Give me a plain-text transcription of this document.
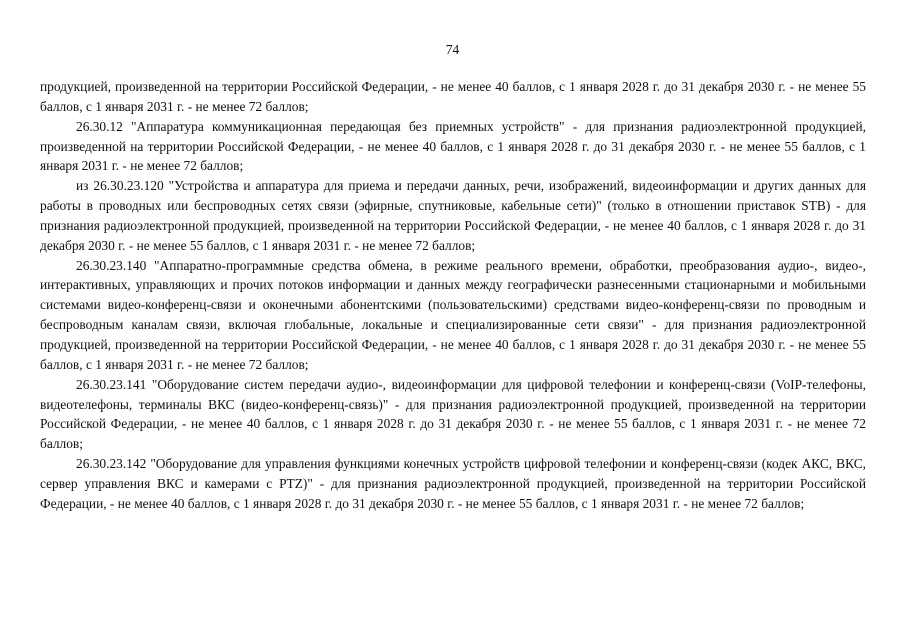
74

продукцией, произведенной на территории Российской Федерации, - не менее 40 баллов, с 1 января 2028 г. до 31 декабря 2030 г. - не менее 55 баллов, с 1 января 2031 г. - не менее 72 баллов;

26.30.12 "Аппаратура коммуникационная передающая без приемных устройств" - для признания радиоэлектронной продукцией, произведенной на территории Российской Федерации, - не менее 40 баллов, с 1 января 2028 г. до 31 декабря 2030 г. - не менее 55 баллов, с 1 января 2031 г. - не менее 72 баллов;

из 26.30.23.120 "Устройства и аппаратура для приема и передачи данных, речи, изображений, видеоинформации и других данных для работы в проводных или беспроводных сетях связи (эфирные, спутниковые, кабельные сети)" (только в отношении приставок STB) - для признания радиоэлектронной продукцией, произведенной на территории Российской Федерации, - не менее 40 баллов, с 1 января 2028 г. до 31 декабря 2030 г. - не менее 55 баллов, с 1 января 2031 г. - не менее 72 баллов;

26.30.23.140 "Аппаратно-программные средства обмена, в режиме реального времени, обработки, преобразования аудио-, видео-, интерактивных, управляющих и прочих потоков информации и данных между географически разнесенными стационарными и мобильными системами видео-конференц-связи и оконечными абонентскими (пользовательскими) средствами видео-конференц-связи по проводным и беспроводным каналам связи, включая глобальные, локальные и специализированные сети связи" - для признания радиоэлектронной продукцией, произведенной на территории Российской Федерации, - не менее 40 баллов, с 1 января 2028 г. до 31 декабря 2030 г. - не менее 55 баллов, с 1 января 2031 г. - не менее 72 баллов;

26.30.23.141 "Оборудование систем передачи аудио-, видеоинформации для цифровой телефонии и конференц-связи (VoIP-телефоны, видеотелефоны, терминалы ВКС (видео-конференц-связь)" - для признания радиоэлектронной продукцией, произведенной на территории Российской Федерации, - не менее 40 баллов, с 1 января 2028 г. до 31 декабря 2030 г. - не менее 55 баллов, с 1 января 2031 г. - не менее 72 баллов;

26.30.23.142 "Оборудование для управления функциями конечных устройств цифровой телефонии и конференц-связи (кодек АКС, ВКС, сервер управления ВКС и камерами с PTZ)" - для признания радиоэлектронной продукцией, произведенной на территории Российской Федерации, - не менее 40 баллов, с 1 января 2028 г. до 31 декабря 2030 г. - не менее 55 баллов, с 1 января 2031 г. - не менее 72 баллов;
